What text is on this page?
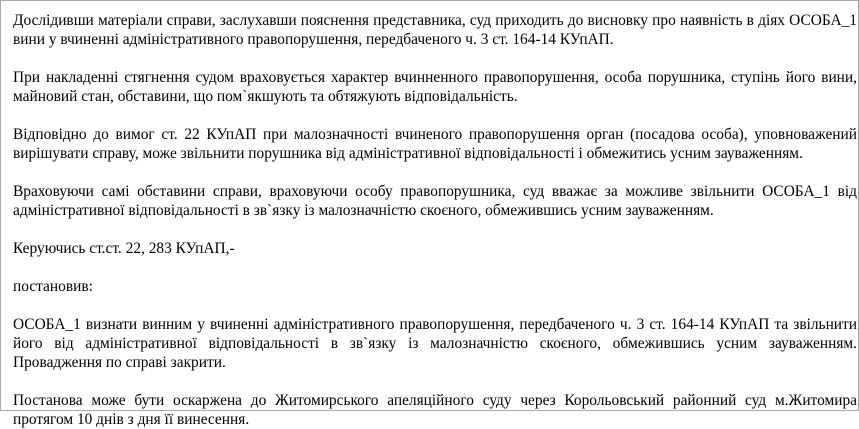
Дослідивши матеріали справи, заслухавши пояснення представника, суд приходить до висновку про наявність в діях ОСОБА_1 вини у вчиненні адміністративного правопорушення, передбаченого ч. 3 ст. 164-14 КУпАП.

При накладенні стягнення судом враховується характер вчинненного правопорушення, особа порушника, ступінь його вини, майновий стан, обставини, що пом`якшують та обтяжують відповідальність.

Відповідно до вимог ст. 22 КУпАП при малозначності вчиненого правопорушення орган (посадова особа), уповноважений вирішувати справу, може звільнити порушника від адміністративної відповідальності і обмежитись усним зауваженням.

Враховуючи самі обставини справи, враховуючи особу правопорушника, суд вважає за можливе звільнити ОСОБА_1 від адміністративної відповідальності в зв`язку із малозначністю скоєного, обмежившись усним зауваженням.

Керуючись ст.ст. 22, 283 КУпАП,-

постановив:

ОСОБА_1 визнати винним у вчиненні адміністративного правопорушення, передбаченого ч. 3 ст. 164-14 КУпАП та звільнити його від адміністративної відповідальності в зв`язку із малозначністю скоєного, обмежившись усним зауваженням. Провадження по справі закрити.

Постанова може бути оскаржена до Житомирського апеляційного суду через Корольовський районний суд м.Житомира протягом 10 днів з дня її винесення.
